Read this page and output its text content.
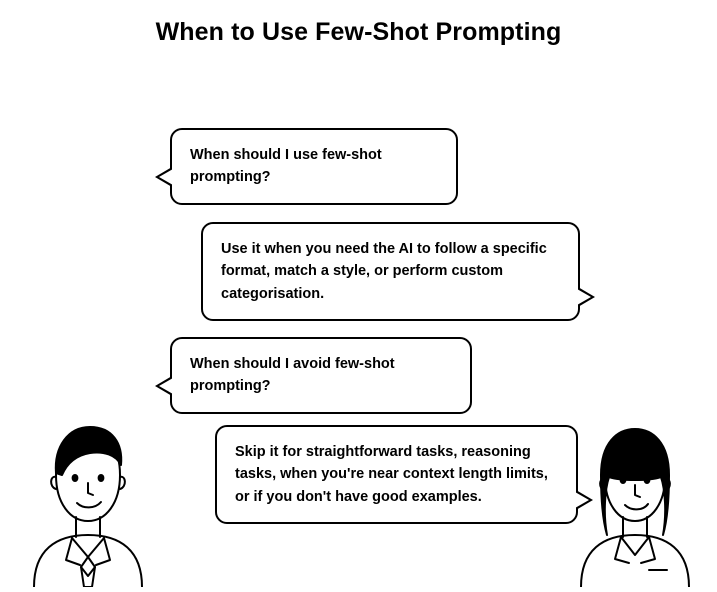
When to Use Few-Shot Prompting
When should I use few-shot prompting?
Use it when you need the AI to follow a specific format, match a style, or perform custom categorisation.
When should I avoid few-shot prompting?
Skip it for straightforward tasks, reasoning tasks, when you're near context length limits, or if you don't have good examples.
